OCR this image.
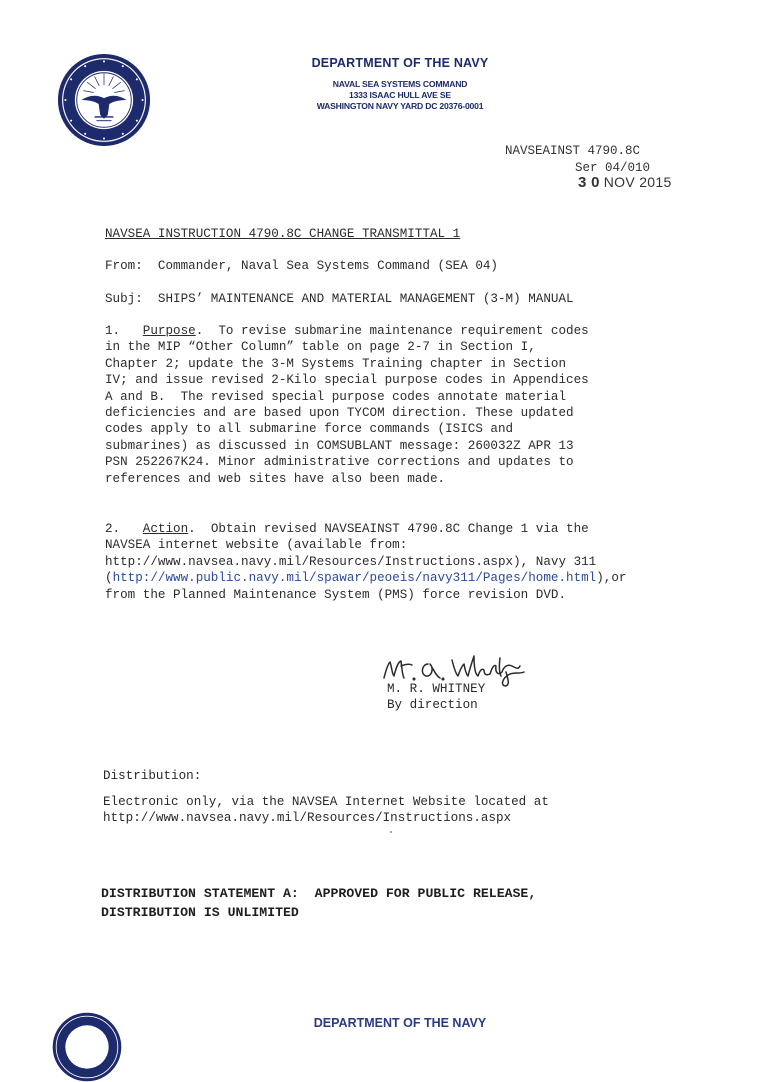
DEPARTMENT OF THE NAVY
NAVAL SEA SYSTEMS COMMAND
1333 ISAAC HULL AVE SE
WASHINGTON NAVY YARD DC 20376-0001
NAVSEAINST 4790.8C
Ser 04/010
3 0 NOV 2015
NAVSEA INSTRUCTION 4790.8C CHANGE TRANSMITTAL 1
From:  Commander, Naval Sea Systems Command (SEA 04)
Subj:  SHIPS’ MAINTENANCE AND MATERIAL MANAGEMENT (3-M) MANUAL
1.   Purpose.  To revise submarine maintenance requirement codes
in the MIP “Other Column” table on page 2-7 in Section I,
Chapter 2; update the 3-M Systems Training chapter in Section
IV; and issue revised 2-Kilo special purpose codes in Appendices
A and B.  The revised special purpose codes annotate material
deficiencies and are based upon TYCOM direction. These updated
codes apply to all submarine force commands (ISICS and
submarines) as discussed in COMSUBLANT message: 260032Z APR 13
PSN 252267K24. Minor administrative corrections and updates to
references and web sites have also been made.
2.   Action.  Obtain revised NAVSEAINST 4790.8C Change 1 via the
NAVSEA internet website (available from:
http://www.navsea.navy.mil/Resources/Instructions.aspx), Navy 311
(http://www.public.navy.mil/spawar/peoeis/navy311/Pages/home.html),or
from the Planned Maintenance System (PMS) force revision DVD.
M. R. WHITNEY
By direction
Distribution:
Electronic only, via the NAVSEA Internet Website located at
http://www.navsea.navy.mil/Resources/Instructions.aspx
DISTRIBUTION STATEMENT A:  APPROVED FOR PUBLIC RELEASE,
DISTRIBUTION IS UNLIMITED
DEPARTMENT OF THE NAVY
